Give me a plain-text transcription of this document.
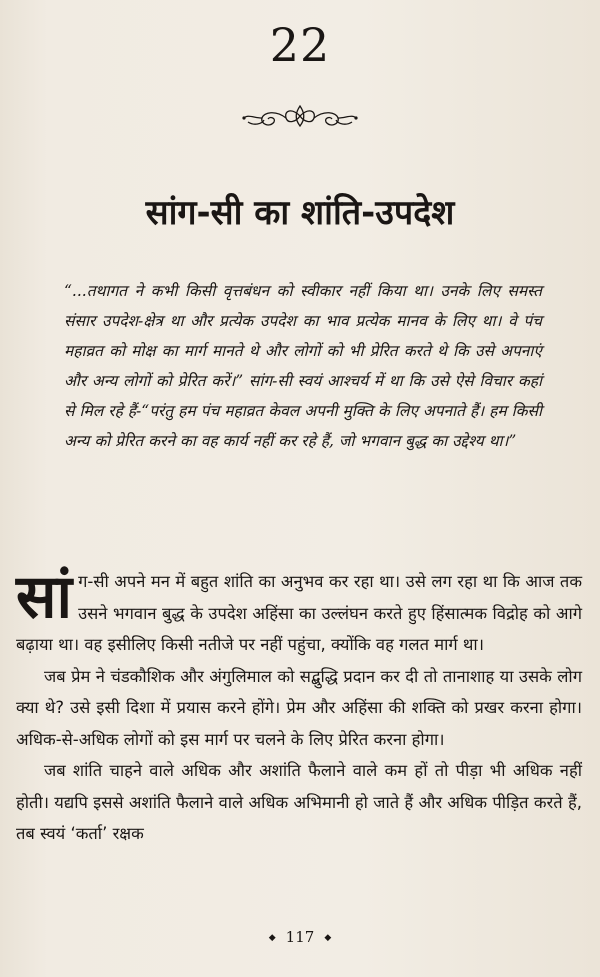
22
सांग-सी का शांति-उपदेश
“...तथागत ने कभी किसी वृत्तबंधन को स्वीकार नहीं किया था। उनके लिए समस्त संसार उपदेश-क्षेत्र था और प्रत्येक उपदेश का भाव प्रत्येक मानव के लिए था। वे पंच महाव्रत को मोक्ष का मार्ग मानते थे और लोगों को भी प्रेरित करते थे कि उसे अपनाएं और अन्य लोगों को प्रेरित करें।” सांग-सी स्वयं आश्चर्य में था कि उसे ऐसे विचार कहां से मिल रहे हैं-“परंतु हम पंच महाव्रत केवल अपनी मुक्ति के लिए अपनाते हैं। हम किसी अन्य को प्रेरित करने का वह कार्य नहीं कर रहे हैं, जो भगवान बुद्ध का उद्देश्य था।”

सांग-सी अपने मन में बहुत शांति का अनुभव कर रहा था। उसे लग रहा था कि आज तक उसने भगवान बुद्ध के उपदेश अहिंसा का उल्लंघन करते हुए हिंसात्मक विद्रोह को आगे बढ़ाया था। वह इसीलिए किसी नतीजे पर नहीं पहुंचा, क्योंकि वह गलत मार्ग था।

जब प्रेम ने चंडकौशिक और अंगुलिमाल को सद्बुद्धि प्रदान कर दी तो तानाशाह या उसके लोग क्या थे? उसे इसी दिशा में प्रयास करने होंगे। प्रेम और अहिंसा की शक्ति को प्रखर करना होगा। अधिक-से-अधिक लोगों को इस मार्ग पर चलने के लिए प्रेरित करना होगा।

जब शांति चाहने वाले अधिक और अशांति फैलाने वाले कम हों तो पीड़ा भी अधिक नहीं होती। यद्यपि इससे अशांति फैलाने वाले अधिक अभिमानी हो जाते हैं और अधिक पीड़ित करते हैं, तब स्वयं ‘कर्ता’ रक्षक

◆ 117 ◆
